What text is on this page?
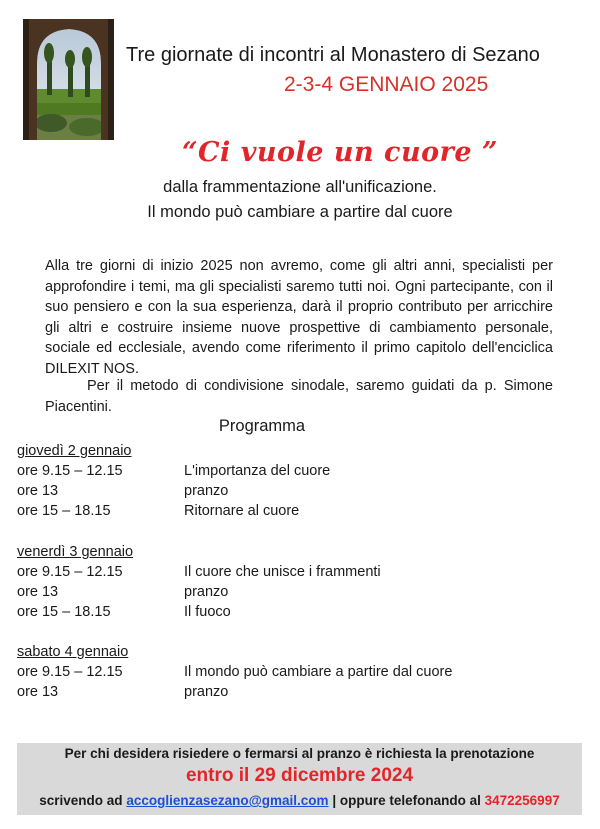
Tre giornate di incontri al Monastero di Sezano
2-3-4 GENNAIO 2025
“Ci vuole un cuore ”
dalla frammentazione all'unificazione.
Il mondo può cambiare a partire dal cuore

Alla tre giorni di inizio 2025 non avremo, come gli altri anni, specialisti per approfondire i temi, ma gli specialisti saremo tutti noi. Ogni partecipante, con il suo pensiero e con la sua esperienza, darà il proprio contributo per arricchire gli altri e costruire insieme nuove prospettive di cambiamento personale, sociale ed ecclesiale, avendo come riferimento il primo capitolo dell'enciclica DILEXIT NOS.

Per il metodo di condivisione sinodale, saremo guidati da p. Simone Piacentini.

Programma
giovedì 2 gennaio
ore 9.15 – 12.15	L'importanza del cuore
ore 13	pranzo
ore 15 – 18.15	Ritornare al cuore
venerdì 3 gennaio
ore 9.15 – 12.15	Il cuore che unisce i frammenti
ore 13	pranzo
ore 15 – 18.15	Il fuoco
sabato 4 gennaio
ore 9.15 – 12.15	Il mondo può cambiare a partire dal cuore
ore 13	pranzo
Per chi desidera risiedere o fermarsi al pranzo è richiesta la prenotazione
entro il 29 dicembre 2024
scrivendo ad accoglienzasezano@gmail.com | oppure telefonando al 3472256997
